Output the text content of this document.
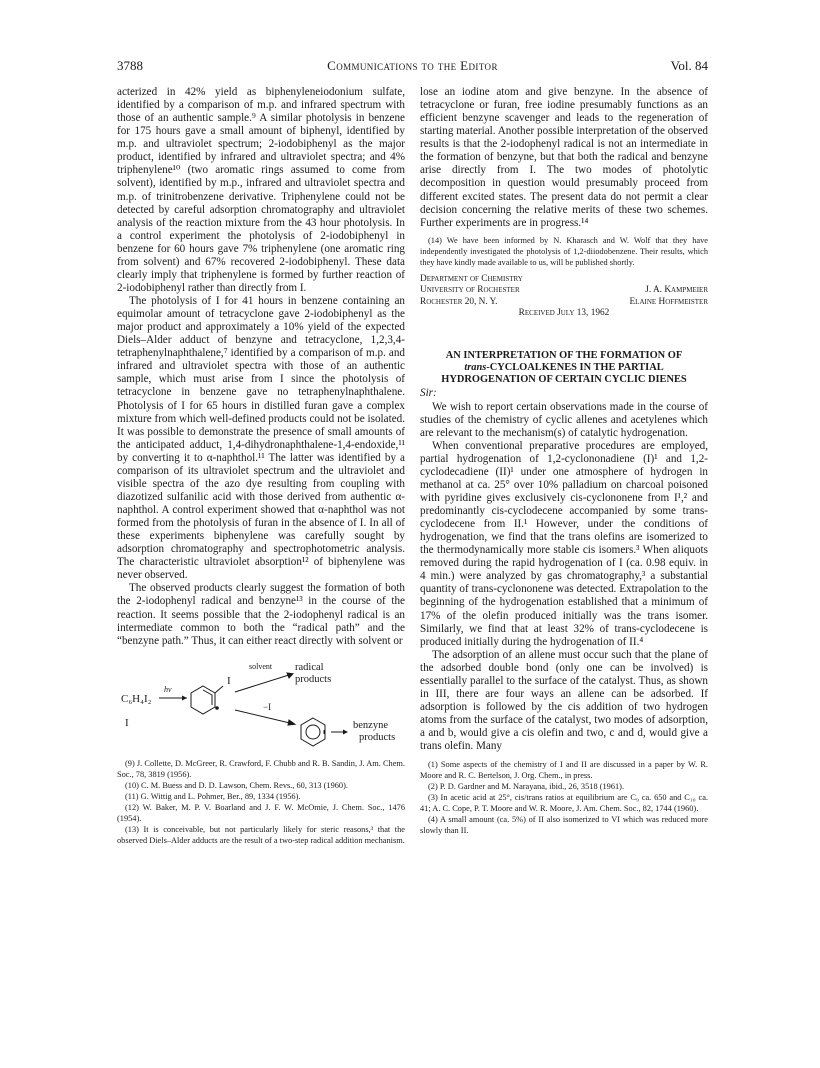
3788	Communications to the Editor	Vol. 84

acterized in 42% yield as biphenyleneiodonium sulfate, identified by a comparison of m.p. and infrared spectrum with those of an authentic sample.⁹ A similar photolysis in benzene for 175 hours gave a small amount of biphenyl, identified by m.p. and ultraviolet spectrum; 2-iodobiphenyl as the major product, identified by infrared and ultraviolet spectra; and 4% triphenylene¹⁰ (two aromatic rings assumed to come from solvent), identified by m.p., infrared and ultraviolet spectra and m.p. of trinitrobenzene derivative. Triphenylene could not be detected by careful adsorption chromatography and ultraviolet analysis of the reaction mixture from the 43 hour photolysis. In a control experiment the photolysis of 2-iodobiphenyl in benzene for 60 hours gave 7% triphenylene (one aromatic ring from solvent) and 67% recovered 2-iodobiphenyl. These data clearly imply that triphenylene is formed by further reaction of 2-iodobiphenyl rather than directly from I.

The photolysis of I for 41 hours in benzene containing an equimolar amount of tetracyclone gave 2-iodobiphenyl as the major product and approximately a 10% yield of the expected Diels–Alder adduct of benzyne and tetracyclone, 1,2,3,4-tetraphenylnaphthalene,⁷ identified by a comparison of m.p. and infrared and ultraviolet spectra with those of an authentic sample, which must arise from I since the photolysis of tetracyclone in benzene gave no tetraphenylnaphthalene. Photolysis of I for 65 hours in distilled furan gave a complex mixture from which well-defined products could not be isolated. It was possible to demonstrate the presence of small amounts of the anticipated adduct, 1,4-dihydronaphthalene-1,4-endoxide,¹¹ by converting it to α-naphthol.¹¹ The latter was identified by a comparison of its ultraviolet spectrum and the ultraviolet and visible spectra of the azo dye resulting from coupling with diazotized sulfanilic acid with those derived from authentic α-naphthol. A control experiment showed that α-naphthol was not formed from the photolysis of furan in the absence of I. In all of these experiments biphenylene was carefully sought by adsorption chromatography and spectrophotometric analysis. The characteristic ultraviolet absorption¹² of biphenylene was never observed.

The observed products clearly suggest the formation of both the 2-iodophenyl radical and benzyne¹³ in the course of the reaction. It seems possible that the 2-iodophenyl radical is an intermediate common to both the “radical path” and the “benzyne path.” Thus, it can either react directly with solvent or

C₆H₄I₂
I
hν
I
solvent
−I
radical products
benzyne products

(9) J. Collette, D. McGreer, R. Crawford, F. Chubb and R. B. Sandin, J. Am. Chem. Soc., 78, 3819 (1956).

(10) C. M. Buess and D. D. Lawson, Chem. Revs., 60, 313 (1960).

(11) G. Wittig and L. Pohmer, Ber., 89, 1334 (1956).

(12) W. Baker, M. P. V. Boarland and J. F. W. McOmie, J. Chem. Soc., 1476 (1954).

(13) It is conceivable, but not particularly likely for steric reasons,³ that the observed Diels–Alder adducts are the result of a two-step radical addition mechanism.

lose an iodine atom and give benzyne. In the absence of tetracyclone or furan, free iodine presumably functions as an efficient benzyne scavenger and leads to the regeneration of starting material. Another possible interpretation of the observed results is that the 2-iodophenyl radical is not an intermediate in the formation of benzyne, but that both the radical and benzyne arise directly from I. The two modes of photolytic decomposition in question would presumably proceed from different excited states. The present data do not permit a clear decision concerning the relative merits of these two schemes. Further experiments are in progress.¹⁴

(14) We have been informed by N. Kharasch and W. Wolf that they have independently investigated the photolysis of 1,2-diiodobenzene. Their results, which they have kindly made available to us, will be published shortly.

Department of Chemistry
University of Rochester	J. A. Kampmeier
Rochester 20, N. Y.	Elaine Hoffmeister
Received July 13, 1962
AN INTERPRETATION OF THE FORMATION OF
trans-CYCLOALKENES IN THE PARTIAL
HYDROGENATION OF CERTAIN CYCLIC DIENES

Sir:

We wish to report certain observations made in the course of studies of the chemistry of cyclic allenes and acetylenes which are relevant to the mechanism(s) of catalytic hydrogenation.

When conventional preparative procedures are employed, partial hydrogenation of 1,2-cyclononadiene (I)¹ and 1,2-cyclodecadiene (II)¹ under one atmosphere of hydrogen in methanol at ca. 25° over 10% palladium on charcoal poisoned with pyridine gives exclusively cis-cyclononene from I¹,² and predominantly cis-cyclodecene accompanied by some trans-cyclodecene from II.¹ However, under the conditions of hydrogenation, we find that the trans olefins are isomerized to the thermodynamically more stable cis isomers.³ When aliquots removed during the rapid hydrogenation of I (ca. 0.98 equiv. in 4 min.) were analyzed by gas chromatography,³ a substantial quantity of trans-cyclononene was detected. Extrapolation to the beginning of the hydrogenation established that a minimum of 17% of the olefin produced initially was the trans isomer. Similarly, we find that at least 32% of trans-cyclodecene is produced initially during the hydrogenation of II.⁴

The adsorption of an allene must occur such that the plane of the adsorbed double bond (only one can be involved) is essentially parallel to the surface of the catalyst. Thus, as shown in III, there are four ways an allene can be adsorbed. If adsorption is followed by the cis addition of two hydrogen atoms from the surface of the catalyst, two modes of adsorption, a and b, would give a cis olefin and two, c and d, would give a trans olefin. Many

(1) Some aspects of the chemistry of I and II are discussed in a paper by W. R. Moore and R. C. Bertelson, J. Org. Chem., in press.

(2) P. D. Gardner and M. Narayana, ibid., 26, 3518 (1961).

(3) In acetic acid at 25°, cis/trans ratios at equilibrium are C₉ ca. 650 and C₁₀ ca. 41; A. C. Cope, P. T. Moore and W. R. Moore, J. Am. Chem. Soc., 82, 1744 (1960).

(4) A small amount (ca. 5%) of II also isomerized to VI which was reduced more slowly than II.
